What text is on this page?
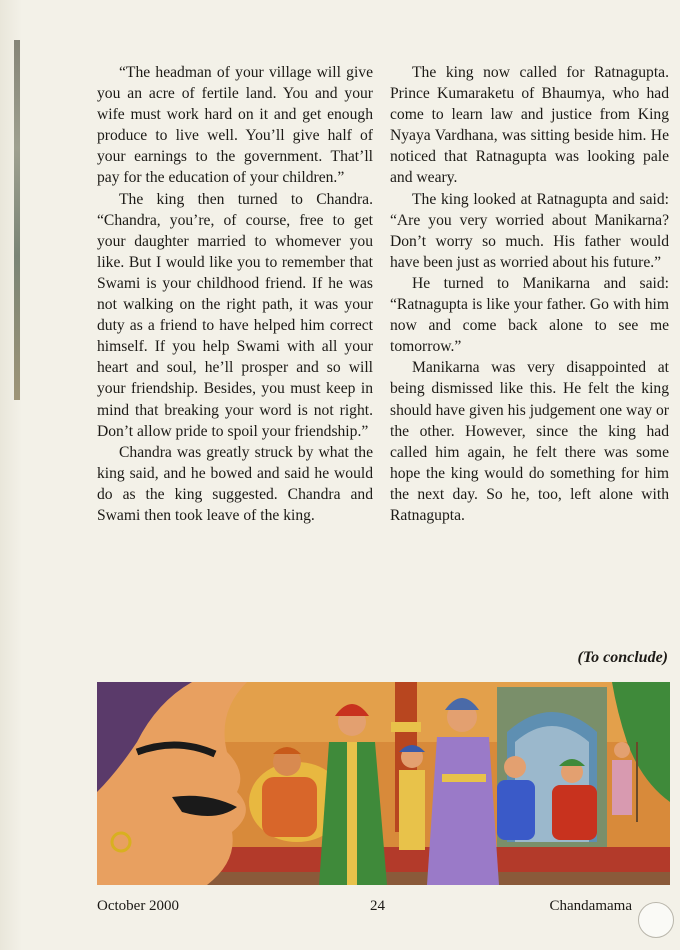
“The headman of your village will give you an acre of fertile land. You and your wife must work hard on it and get enough produce to live well. You’ll give half of your earnings to the government. That’ll pay for the education of your children.”

The king then turned to Chandra. “Chandra, you’re, of course, free to get your daughter married to whomever you like. But I would like you to remember that Swami is your childhood friend. If he was not walking on the right path, it was your duty as a friend to have helped him correct himself. If you help Swami with all your heart and soul, he’ll prosper and so will your friendship. Besides, you must keep in mind that breaking your word is not right. Don’t allow pride to spoil your friendship.”

Chandra was greatly struck by what the king said, and he bowed and said he would do as the king suggested. Chandra and Swami then took leave of the king.

The king now called for Ratnagupta. Prince Kumaraketu of Bhaumya, who had come to learn law and justice from King Nyaya Vardhana, was sitting beside him. He noticed that Ratnagupta was looking pale and weary.

The king looked at Ratnagupta and said: “Are you very worried about Manikarna? Don’t worry so much. His father would have been just as worried about his future.”

He turned to Manikarna and said: “Ratnagupta is like your father. Go with him now and come back alone to see me tomorrow.”

Manikarna was very disappointed at being dismissed like this. He felt the king should have given his judgement one way or the other. However, since the king had called him again, he felt there was some hope the king would do something for him the next day. So he, too, left alone with Ratnagupta.

(To conclude)
October 2000	24	Chandamama
